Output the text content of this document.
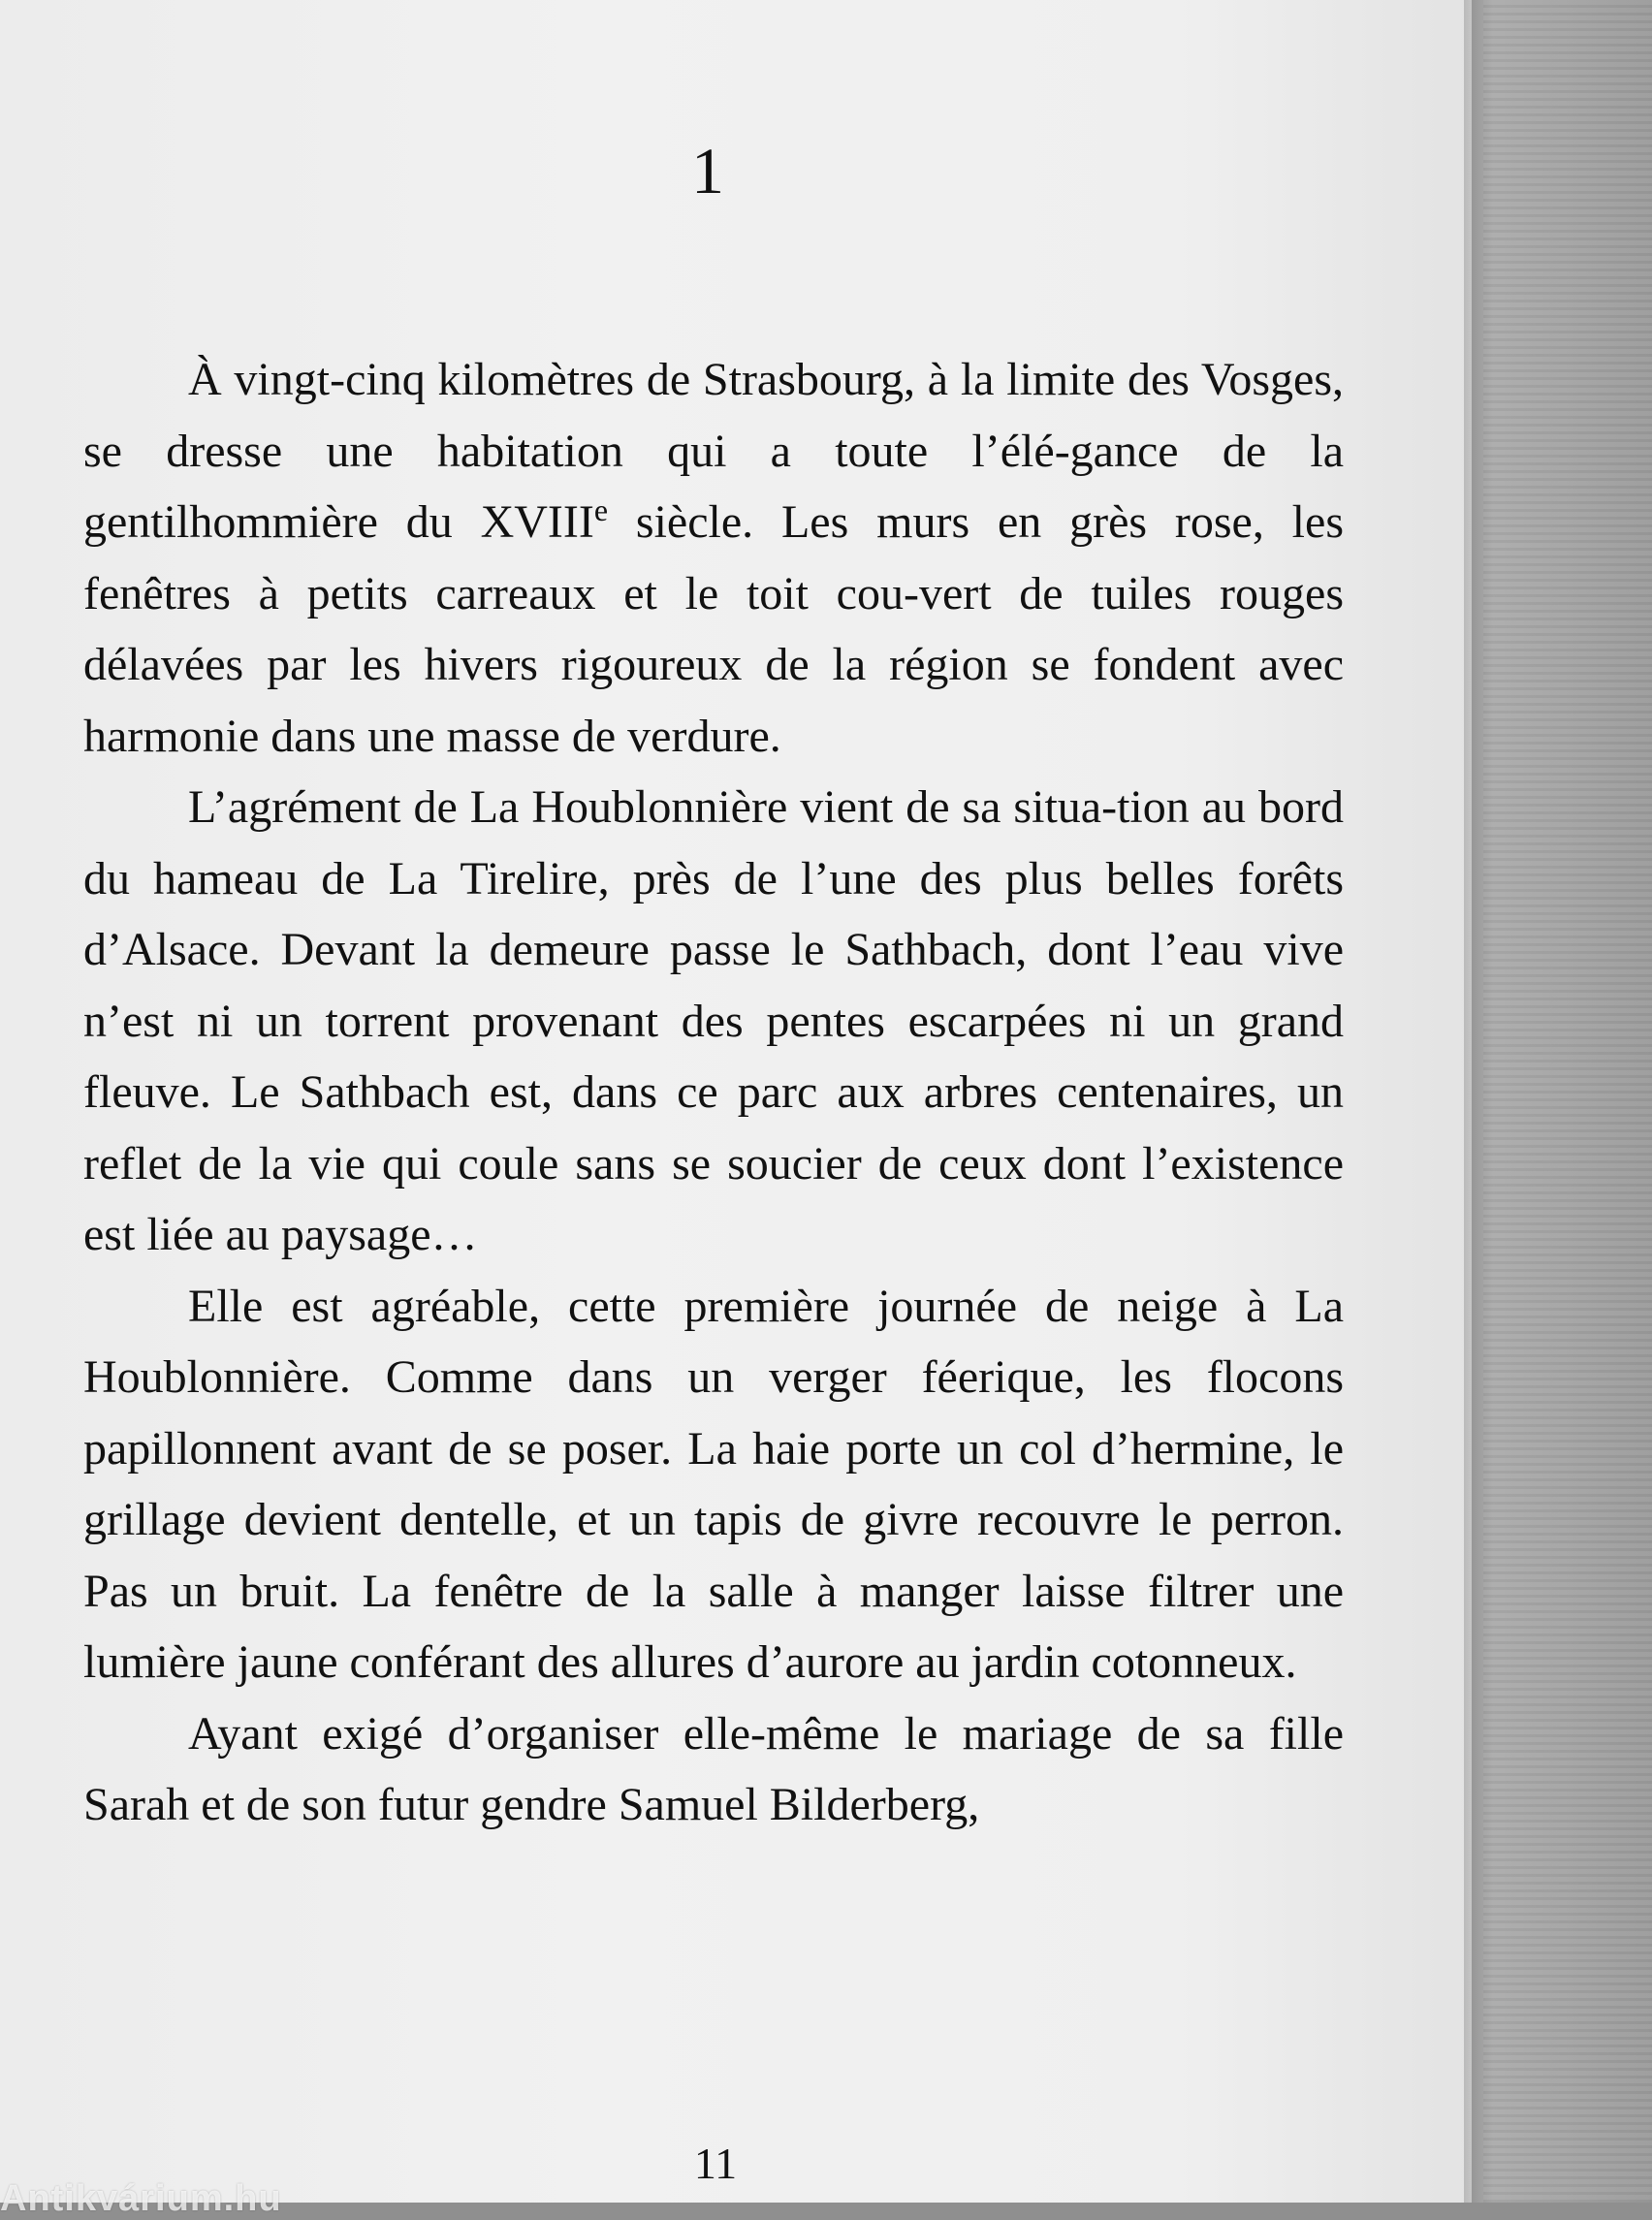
1

À vingt-cinq kilomètres de Strasbourg, à la limite des Vosges, se dresse une habitation qui a toute l’élé-gance de la gentilhommière du XVIIIe siècle. Les murs en grès rose, les fenêtres à petits carreaux et le toit cou-vert de tuiles rouges délavées par les hivers rigoureux de la région se fondent avec harmonie dans une masse de verdure.

L’agrément de La Houblonnière vient de sa situa-tion au bord du hameau de La Tirelire, près de l’une des plus belles forêts d’Alsace. Devant la demeure passe le Sathbach, dont l’eau vive n’est ni un torrent provenant des pentes escarpées ni un grand fleuve. Le Sathbach est, dans ce parc aux arbres centenaires, un reflet de la vie qui coule sans se soucier de ceux dont l’existence est liée au paysage…

Elle est agréable, cette première journée de neige à La Houblonnière. Comme dans un verger féerique, les flocons papillonnent avant de se poser. La haie porte un col d’hermine, le grillage devient dentelle, et un tapis de givre recouvre le perron. Pas un bruit. La fenêtre de la salle à manger laisse filtrer une lumière jaune conférant des allures d’aurore au jardin cotonneux.

Ayant exigé d’organiser elle-même le mariage de sa fille Sarah et de son futur gendre Samuel Bilderberg,

11
Antikvárium.hu
